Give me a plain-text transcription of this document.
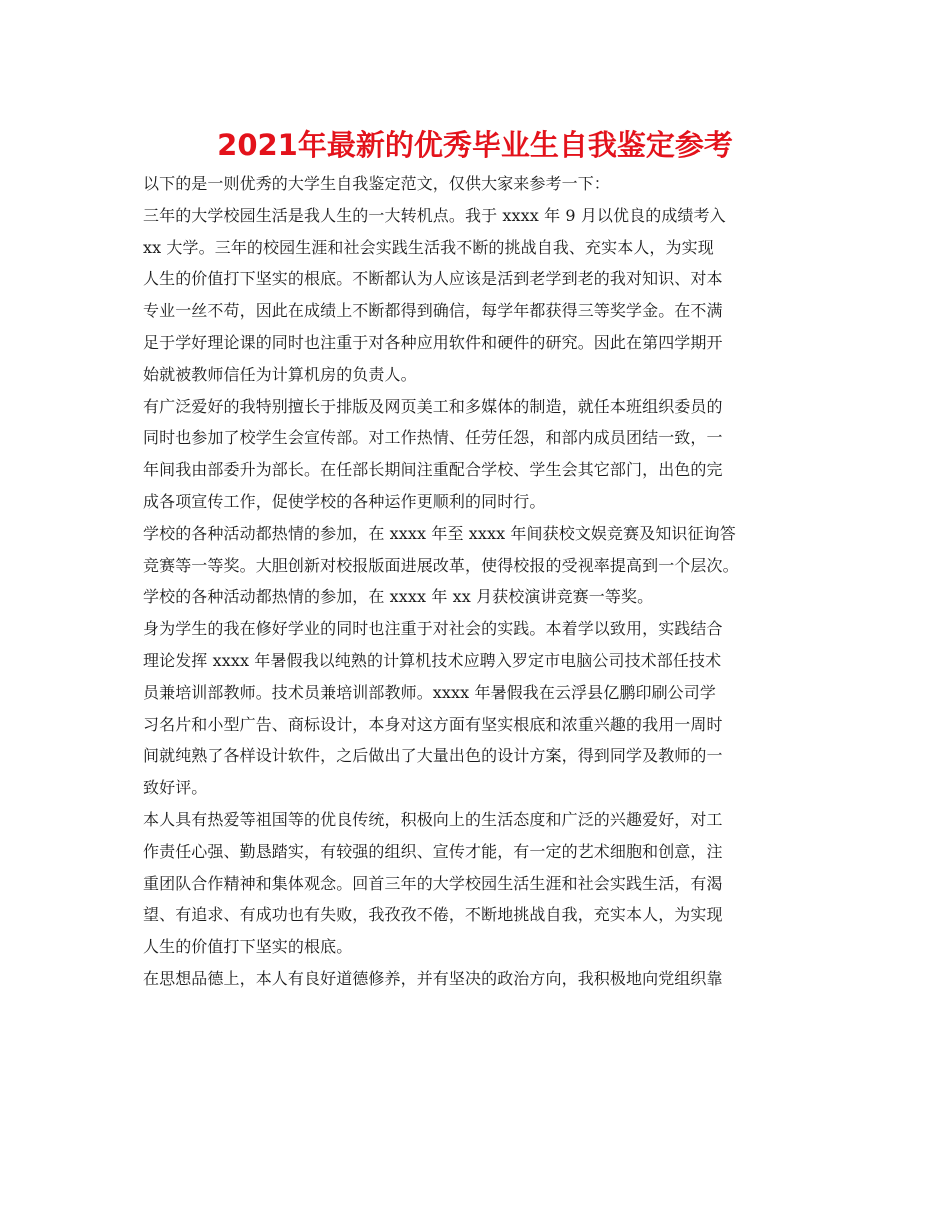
2021年最新的优秀毕业生自我鉴定参考
以下的是一则优秀的大学生自我鉴定范文，仅供大家来参考一下：
三年的大学校园生活是我人生的一大转机点。我于 xxxx 年 9 月以优良的成绩考入
xx 大学。三年的校园生涯和社会实践生活我不断的挑战自我、充实本人，为实现
人生的价值打下坚实的根底。不断都认为人应该是活到老学到老的我对知识、对本
专业一丝不苟，因此在成绩上不断都得到确信，每学年都获得三等奖学金。在不满
足于学好理论课的同时也注重于对各种应用软件和硬件的研究。因此在第四学期开
始就被教师信任为计算机房的负责人。
有广泛爱好的我特别擅长于排版及网页美工和多媒体的制造，就任本班组织委员的
同时也参加了校学生会宣传部。对工作热情、任劳任怨，和部内成员团结一致，一
年间我由部委升为部长。在任部长期间注重配合学校、学生会其它部门，出色的完
成各项宣传工作，促使学校的各种运作更顺利的同时行。
学校的各种活动都热情的参加，在 xxxx 年至 xxxx 年间获校文娱竞赛及知识征询答
竞赛等一等奖。大胆创新对校报版面进展改革，使得校报的受视率提高到一个层次。
学校的各种活动都热情的参加，在 xxxx 年 xx 月获校演讲竞赛一等奖。
身为学生的我在修好学业的同时也注重于对社会的实践。本着学以致用，实践结合
理论发挥 xxxx 年暑假我以纯熟的计算机技术应聘入罗定市电脑公司技术部任技术
员兼培训部教师。技术员兼培训部教师。xxxx 年暑假我在云浮县亿鹏印刷公司学
习名片和小型广告、商标设计，本身对这方面有坚实根底和浓重兴趣的我用一周时
间就纯熟了各样设计软件，之后做出了大量出色的设计方案，得到同学及教师的一
致好评。
本人具有热爱等祖国等的优良传统，积极向上的生活态度和广泛的兴趣爱好，对工
作责任心强、勤恳踏实，有较强的组织、宣传才能，有一定的艺术细胞和创意，注
重团队合作精神和集体观念。回首三年的大学校园生活生涯和社会实践生活，有渴
望、有追求、有成功也有失败，我孜孜不倦，不断地挑战自我，充实本人，为实现
人生的价值打下坚实的根底。
在思想品德上，本人有良好道德修养，并有坚决的政治方向，我积极地向党组织靠
